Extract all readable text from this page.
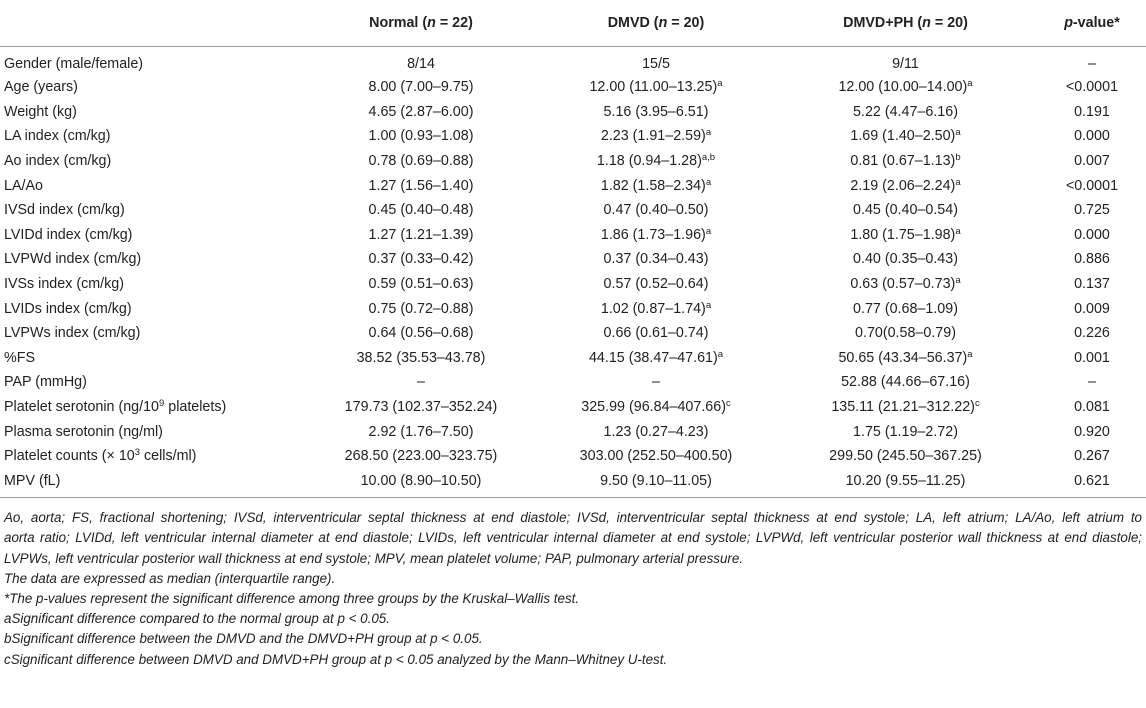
	Normal (n = 22)	DMVD (n = 20)	DMVD+PH (n = 20)	p-value*
Gender (male/female)	8/14	15/5	9/11	–
Age (years)	8.00 (7.00–9.75)	12.00 $(11.00-13.25)^a$	12.00 $(10.00-14.00)^a$	<0.0001
Weight (kg)	4.65 (2.87–6.00)	5.16 (3.95–6.51)	5.22 (4.47–6.16)	0.191
LA index (cm/kg)	1.00 (0.93–1.08)	2.23 $(1.91-2.59)^a$	1.69 $(1.40-2.50)^a$	0.000
Ao index (cm/kg)	0.78 (0.69–0.88)	1.18 $(0.94-1.28)^{a,b}$	0.81 $(0.67-1.13)^b$	0.007
LA/Ao	1.27 (1.56–1.40)	1.82 $(1.58-2.34)^a$	2.19 $(2.06-2.24)^a$	<0.0001
IVSd index (cm/kg)	0.45 (0.40–0.48)	0.47 (0.40–0.50)	0.45 (0.40–0.54)	0.725
LVIDd index (cm/kg)	1.27 (1.21–1.39)	1.86 $(1.73-1.96)^a$	1.80 $(1.75-1.98)^a$	0.000
LVPWd index (cm/kg)	0.37 (0.33–0.42)	0.37 (0.34–0.43)	0.40 (0.35–0.43)	0.886
IVSs index (cm/kg)	0.59 (0.51–0.63)	0.57 (0.52–0.64)	0.63 $(0.57-0.73)^a$	0.137
LVIDs index (cm/kg)	0.75 (0.72–0.88)	1.02 $(0.87-1.74)^a$	0.77 (0.68–1.09)	0.009
LVPWs index (cm/kg)	0.64 (0.56–0.68)	0.66 (0.61–0.74)	0.70(0.58–0.79)	0.226
%FS	38.52 (35.53–43.78)	44.15 $(38.47-47.61)^a$	50.65 $(43.34-56.37)^a$	0.001
PAP (mmHg)	–	–	52.88 (44.66–67.16)	–
Platelet serotonin ($ng/10^9$ platelets)	179.73 (102.37–352.24)	325.99 $(96.84-407.66)^c$	135.11 $(21.21-312.22)^c$	0.081
Plasma serotonin (ng/ml)	2.92 (1.76–7.50)	1.23 (0.27–4.23)	1.75 (1.19–2.72)	0.920
Platelet counts (× $10^3$ cells/ml)	268.50 (223.00–323.75)	303.00 (252.50–400.50)	299.50 (245.50–367.25)	0.267
MPV (fL)	10.00 (8.90–10.50)	9.50 (9.10–11.05)	10.20 (9.55–11.25)	0.621

Ao, aorta; FS, fractional shortening; IVSd, interventricular septal thickness at end diastole; IVSd, interventricular septal thickness at end systole; LA, left atrium; LA/Ao, left atrium to

aorta ratio; LVIDd, left ventricular internal diameter at end diastole; LVIDs, left ventricular internal diameter at end systole; LVPWd, left ventricular posterior wall thickness at end diastole;

LVPWs, left ventricular posterior wall thickness at end systole; MPV, mean platelet volume; PAP, pulmonary arterial pressure.

The data are expressed as median (interquartile range).

*The p-values represent the significant difference among three groups by the Kruskal–Wallis test.

aSignificant difference compared to the normal group at p < 0.05.

bSignificant difference between the DMVD and the DMVD+PH group at p < 0.05.

cSignificant difference between DMVD and DMVD+PH group at p < 0.05 analyzed by the Mann–Whitney U-test.
